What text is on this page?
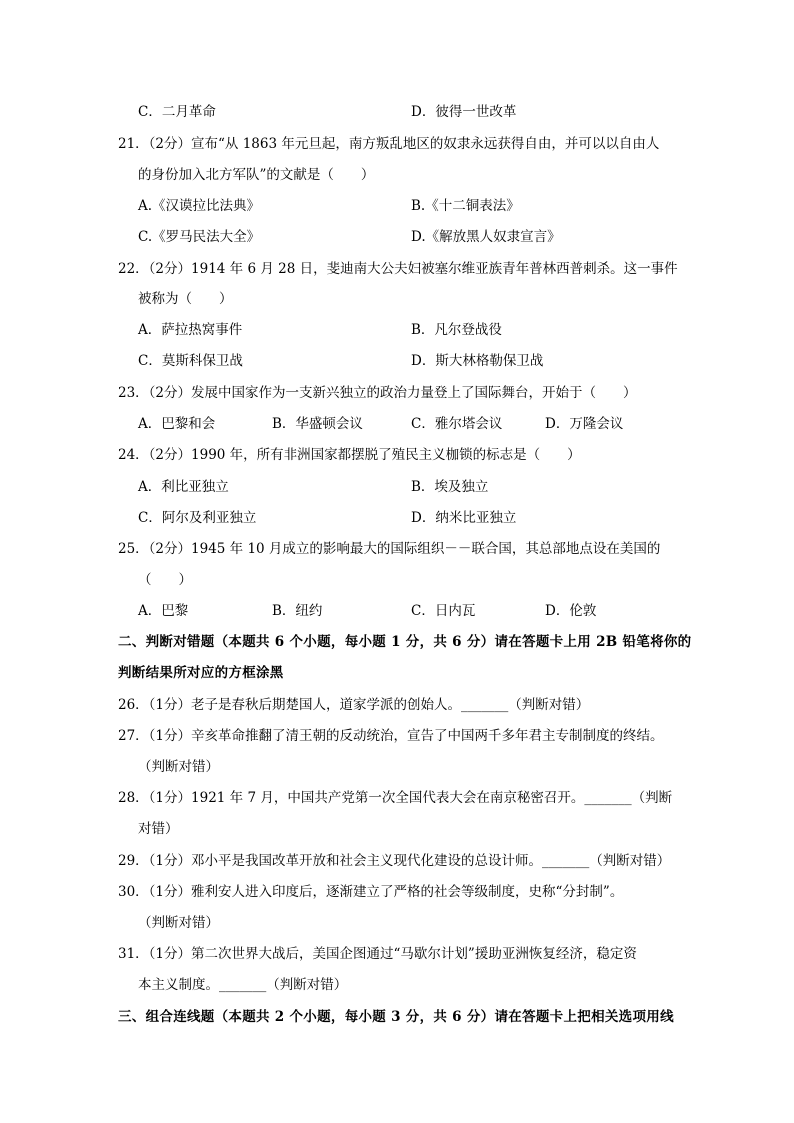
C．二月革命	D．彼得一世改革
21．（2分）宣布“从 1863 年元旦起，南方叛乱地区的奴隶永远获得自由，并可以以自由人
的身份加入北方军队”的文献是（　　）
A.《汉谟拉比法典》	B.《十二铜表法》
C.《罗马民法大全》	D.《解放黑人奴隶宣言》
22．（2分）1914 年 6 月 28 日，斐迪南大公夫妇被塞尔维亚族青年普林西普刺杀。这一事件
被称为（　　）
A．萨拉热窝事件	B．凡尔登战役
C．莫斯科保卫战	D．斯大林格勒保卫战
23．（2分）发展中国家作为一支新兴独立的政治力量登上了国际舞台，开始于（　　）
A．巴黎和会	B．华盛顿会议	C．雅尔塔会议	D．万隆会议
24．（2分）1990 年，所有非洲国家都摆脱了殖民主义枷锁的标志是（　　）
A．利比亚独立	B．埃及独立
C．阿尔及利亚独立	D．纳米比亚独立
25．（2分）1945 年 10 月成立的影响最大的国际组织－－联合国，其总部地点设在美国的
（　　）
A．巴黎	B．纽约	C．日内瓦	D．伦敦
二、判断对错题（本题共 6 个小题，每小题 1 分，共 6 分）请在答题卡上用 2B 铅笔将你的
判断结果所对应的方框涂黑
26．（1分）老子是春秋后期楚国人，道家学派的创始人。_______（判断对错）
27．（1分）辛亥革命推翻了清王朝的反动统治，宣告了中国两千多年君主专制制度的终结。
（判断对错）
28．（1分）1921 年 7 月，中国共产党第一次全国代表大会在南京秘密召开。_______（判断
对错）
29．（1分）邓小平是我国改革开放和社会主义现代化建设的总设计师。_______（判断对错）
30．（1分）雅利安人进入印度后，逐渐建立了严格的社会等级制度，史称“分封制”。
（判断对错）
31．（1分）第二次世界大战后，美国企图通过“马歇尔计划”援助亚洲恢复经济，稳定资
本主义制度。_______（判断对错）
三、组合连线题（本题共 2 个小题，每小题 3 分，共 6 分）请在答题卡上把相关选项用线
